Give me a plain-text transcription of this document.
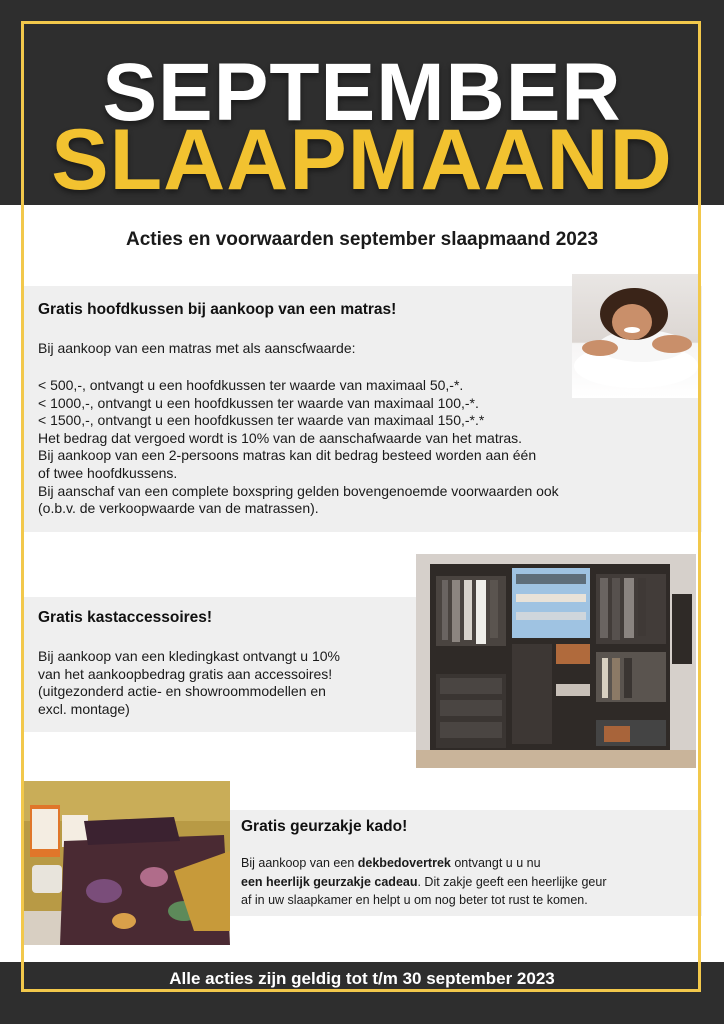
SEPTEMBER
SLAAPMAAND
Acties en voorwaarden september slaapmaand 2023
Gratis hoofdkussen bij aankoop van een matras!
Bij aankoop van een matras met als aanscfwaarde:
< 500,-, ontvangt u een hoofdkussen ter waarde van maximaal 50,-*.
< 1000,-, ontvangt u een hoofdkussen ter waarde van maximaal 100,-*.
< 1500,-, ontvangt u een hoofdkussen ter waarde van maximaal 150,-*.*
Het bedrag dat vergoed wordt is 10% van de aanschafwaarde van het matras.
Bij aankoop van een 2-persoons matras kan dit bedrag besteed worden aan één
of twee hoofdkussens.
Bij aanschaf van een complete boxspring gelden bovengenoemde voorwaarden ook
(o.b.v. de verkoopwaarde van de matrassen).
Gratis kastaccessoires!
Bij aankoop van een kledingkast ontvangt u 10%
van het aankoopbedrag gratis aan accessoires!
(uitgezonderd actie- en showroommodellen en
excl. montage)
Gratis geurzakje kado!
Bij aankoop van een dekbedovertrek ontvangt u u nu
een heerlijk geurzakje cadeau. Dit zakje geeft een heerlijke geur
af in uw slaapkamer en helpt u om nog beter tot rust te komen.
Alle acties zijn geldig tot t/m 30 september 2023
